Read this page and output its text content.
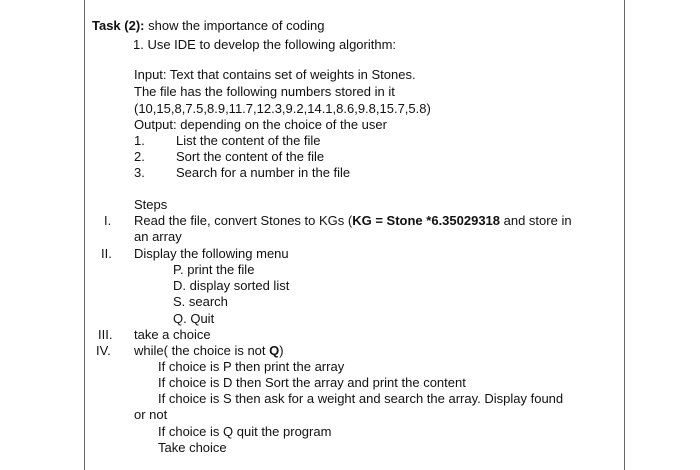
Task (2): show the importance of coding
1. Use IDE to develop the following algorithm:
Input: Text that contains set of weights in Stones.
The file has the following numbers stored in it
(10,15,8,7.5,8.9,11.7,12.3,9.2,14.1,8.6,9.8,15.7,5.8)
Output: depending on the choice of the user
1. List the content of the file
2. Sort the content of the file
3. Search for a number in the file
Steps
I. Read the file, convert Stones to KGs (KG = Stone *6.35029318 and store in
an array
II. Display the following menu
P. print the file
D. display sorted list
S. search
Q. Quit
III. take a choice
IV. while( the choice is not Q)
If choice is P then print the array
If choice is D then Sort the array and print the content
If choice is S then ask for a weight and search the array. Display found
or not
If choice is Q quit the program
Take choice
